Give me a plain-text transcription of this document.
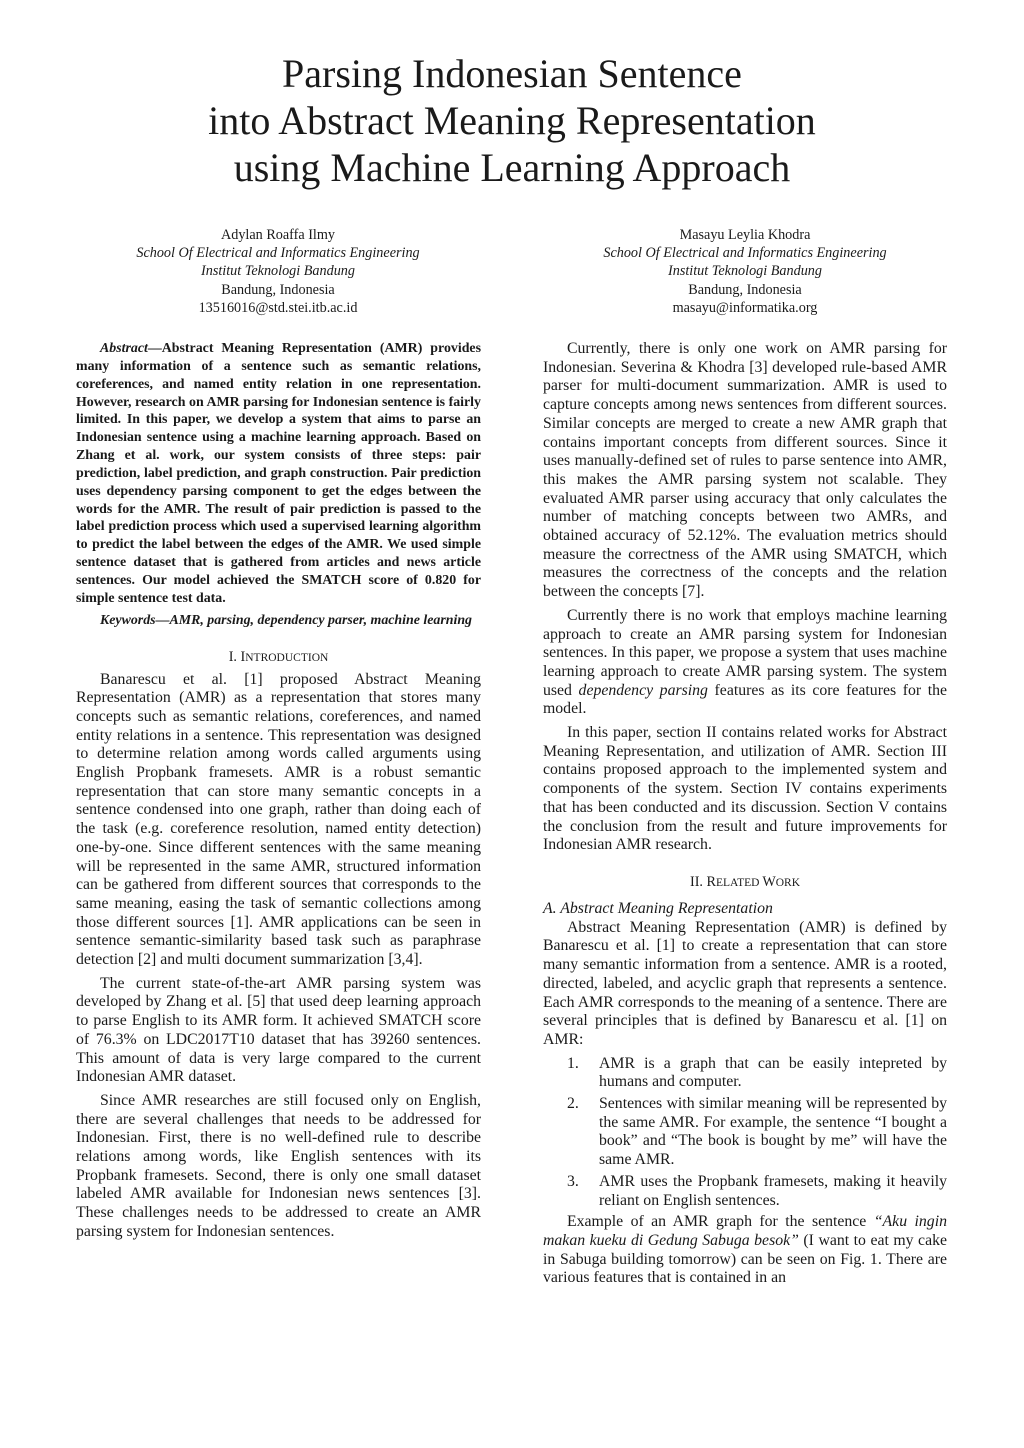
Parsing Indonesian Sentence
into Abstract Meaning Representation
using Machine Learning Approach
Adylan Roaffa Ilmy
School Of Electrical and Informatics Engineering
Institut Teknologi Bandung
Bandung, Indonesia
13516016@std.stei.itb.ac.id
Masayu Leylia Khodra
School Of Electrical and Informatics Engineering
Institut Teknologi Bandung
Bandung, Indonesia
masayu@informatika.org

Abstract—Abstract Meaning Representation (AMR) provides many information of a sentence such as semantic relations, coreferences, and named entity relation in one representation. However, research on AMR parsing for Indonesian sentence is fairly limited. In this paper, we develop a system that aims to parse an Indonesian sentence using a machine learning approach. Based on Zhang et al. work, our system consists of three steps: pair prediction, label prediction, and graph construction. Pair prediction uses dependency parsing component to get the edges between the words for the AMR. The result of pair prediction is passed to the label prediction process which used a supervised learning algorithm to predict the label between the edges of the AMR. We used simple sentence dataset that is gathered from articles and news article sentences. Our model achieved the SMATCH score of 0.820 for simple sentence test data.

Keywords—AMR, parsing, dependency parser, machine learning

I. INTRODUCTION

Banarescu et al. [1] proposed Abstract Meaning Representation (AMR) as a representation that stores many concepts such as semantic relations, coreferences, and named entity relations in a sentence. This representation was designed to determine relation among words called arguments using English Propbank framesets. AMR is a robust semantic representation that can store many semantic concepts in a sentence condensed into one graph, rather than doing each of the task (e.g. coreference resolution, named entity detection) one-by-one. Since different sentences with the same meaning will be represented in the same AMR, structured information can be gathered from different sources that corresponds to the same meaning, easing the task of semantic collections among those different sources [1]. AMR applications can be seen in sentence semantic-similarity based task such as paraphrase detection [2] and multi document summarization [3,4].

The current state-of-the-art AMR parsing system was developed by Zhang et al. [5] that used deep learning approach to parse English to its AMR form. It achieved SMATCH score of 76.3% on LDC2017T10 dataset that has 39260 sentences. This amount of data is very large compared to the current Indonesian AMR dataset.

Since AMR researches are still focused only on English, there are several challenges that needs to be addressed for Indonesian. First, there is no well-defined rule to describe relations among words, like English sentences with its Propbank framesets. Second, there is only one small dataset labeled AMR available for Indonesian news sentences [3]. These challenges needs to be addressed to create an AMR parsing system for Indonesian sentences.

Currently, there is only one work on AMR parsing for Indonesian. Severina & Khodra [3] developed rule-based AMR parser for multi-document summarization. AMR is used to capture concepts among news sentences from different sources. Similar concepts are merged to create a new AMR graph that contains important concepts from different sources. Since it uses manually-defined set of rules to parse sentence into AMR, this makes the AMR parsing system not scalable. They evaluated AMR parser using accuracy that only calculates the number of matching concepts between two AMRs, and obtained accuracy of 52.12%. The evaluation metrics should measure the correctness of the AMR using SMATCH, which measures the correctness of the concepts and the relation between the concepts [7].

Currently there is no work that employs machine learning approach to create an AMR parsing system for Indonesian sentences. In this paper, we propose a system that uses machine learning approach to create AMR parsing system. The system used dependency parsing features as its core features for the model.

In this paper, section II contains related works for Abstract Meaning Representation, and utilization of AMR. Section III contains proposed approach to the implemented system and components of the system. Section IV contains experiments that has been conducted and its discussion. Section V contains the conclusion from the result and future improvements for Indonesian AMR research.

II. RELATED WORK

A. Abstract Meaning Representation

Abstract Meaning Representation (AMR) is defined by Banarescu et al. [1] to create a representation that can store many semantic information from a sentence. AMR is a rooted, directed, labeled, and acyclic graph that represents a sentence. Each AMR corresponds to the meaning of a sentence. There are several principles that is defined by Banarescu et al. [1] on AMR:

1. AMR is a graph that can be easily intepreted by humans and computer.
2. Sentences with similar meaning will be represented by the same AMR. For example, the sentence “I bought a book” and “The book is bought by me” will have the same AMR.
3. AMR uses the Propbank framesets, making it heavily reliant on English sentences.

Example of an AMR graph for the sentence “Aku ingin makan kueku di Gedung Sabuga besok” (I want to eat my cake in Sabuga building tomorrow) can be seen on Fig. 1. There are various features that is contained in an
